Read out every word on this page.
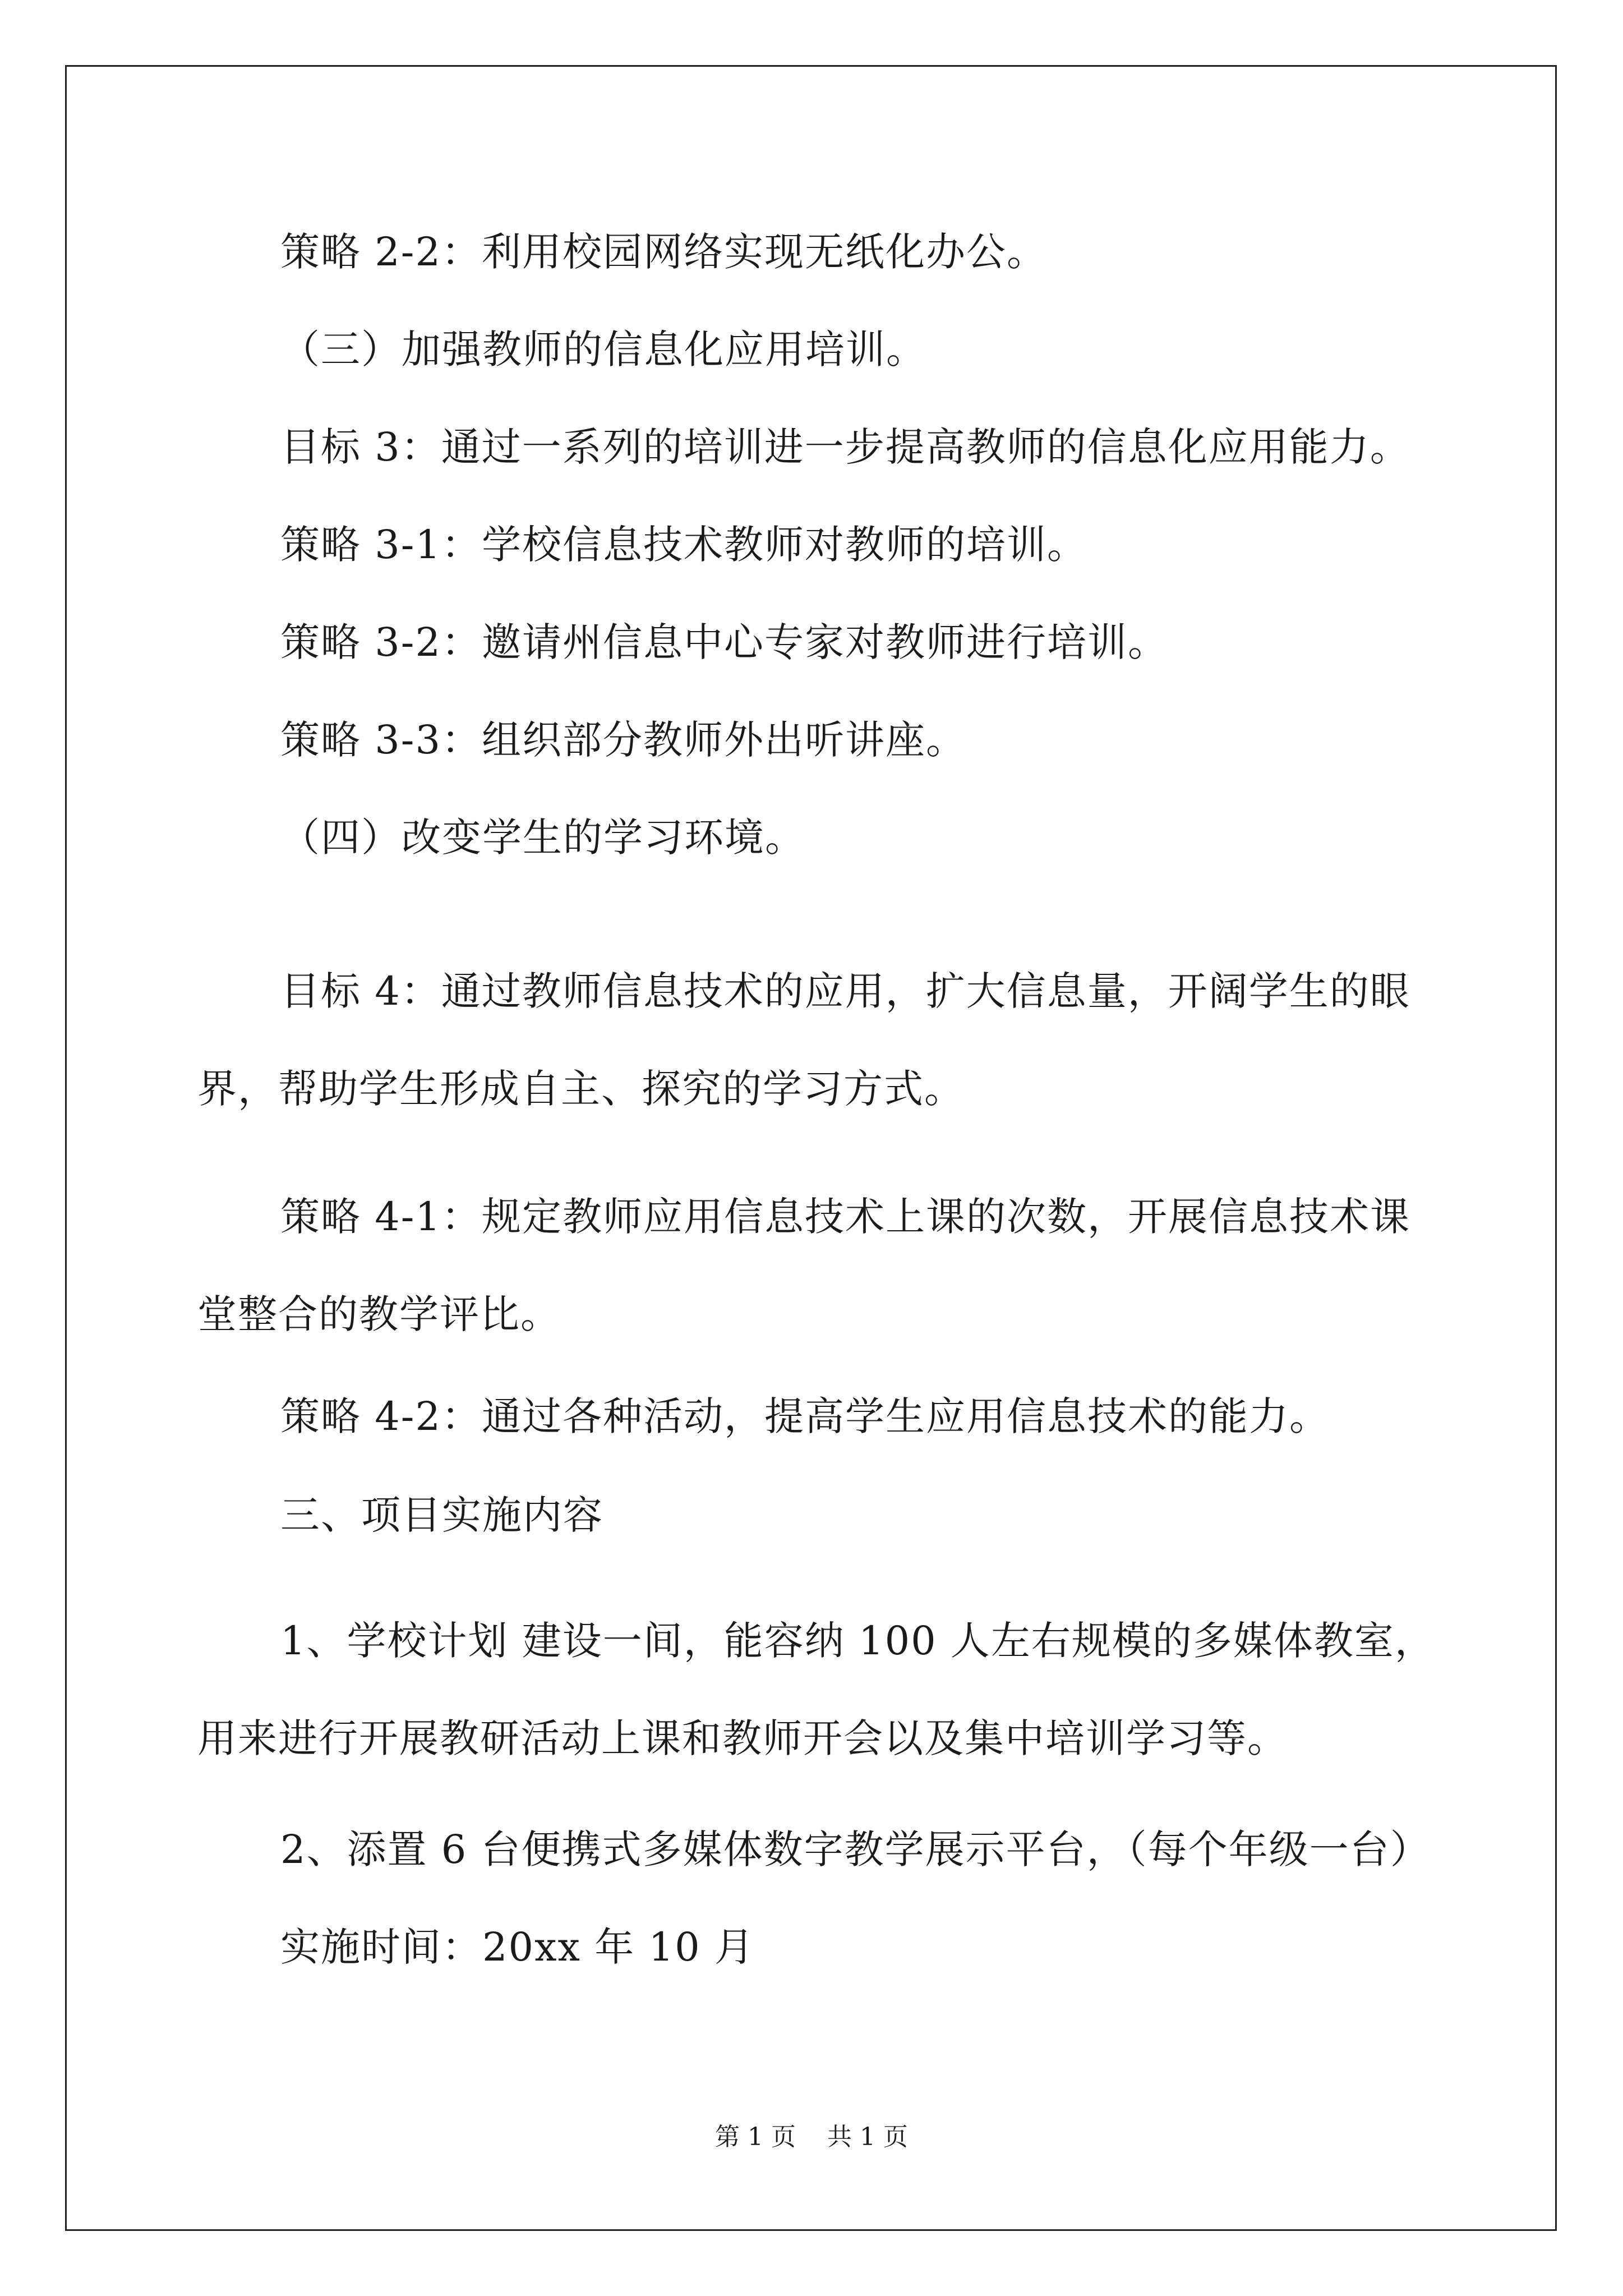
策略 2-2：利用校园网络实现无纸化办公。

（三）加强教师的信息化应用培训。

目标 3：通过一系列的培训进一步提高教师的信息化应用能力。

策略 3-1：学校信息技术教师对教师的培训。

策略 3-2：邀请州信息中心专家对教师进行培训。

策略 3-3：组织部分教师外出听讲座。

（四）改变学生的学习环境。

目标 4：通过教师信息技术的应用，扩大信息量，开阔学生的眼

界，帮助学生形成自主、探究的学习方式。

策略 4-1：规定教师应用信息技术上课的次数，开展信息技术课

堂整合的教学评比。

策略 4-2：通过各种活动，提高学生应用信息技术的能力。

三、项目实施内容

1、学校计划 建设一间，能容纳 100 人左右规模的多媒体教室，

用来进行开展教研活动上课和教师开会以及集中培训学习等。

2、添置 6 台便携式多媒体数字教学展示平台，（每个年级一台）

实施时间：20xx 年 10 月

第 1 页    共 1 页
